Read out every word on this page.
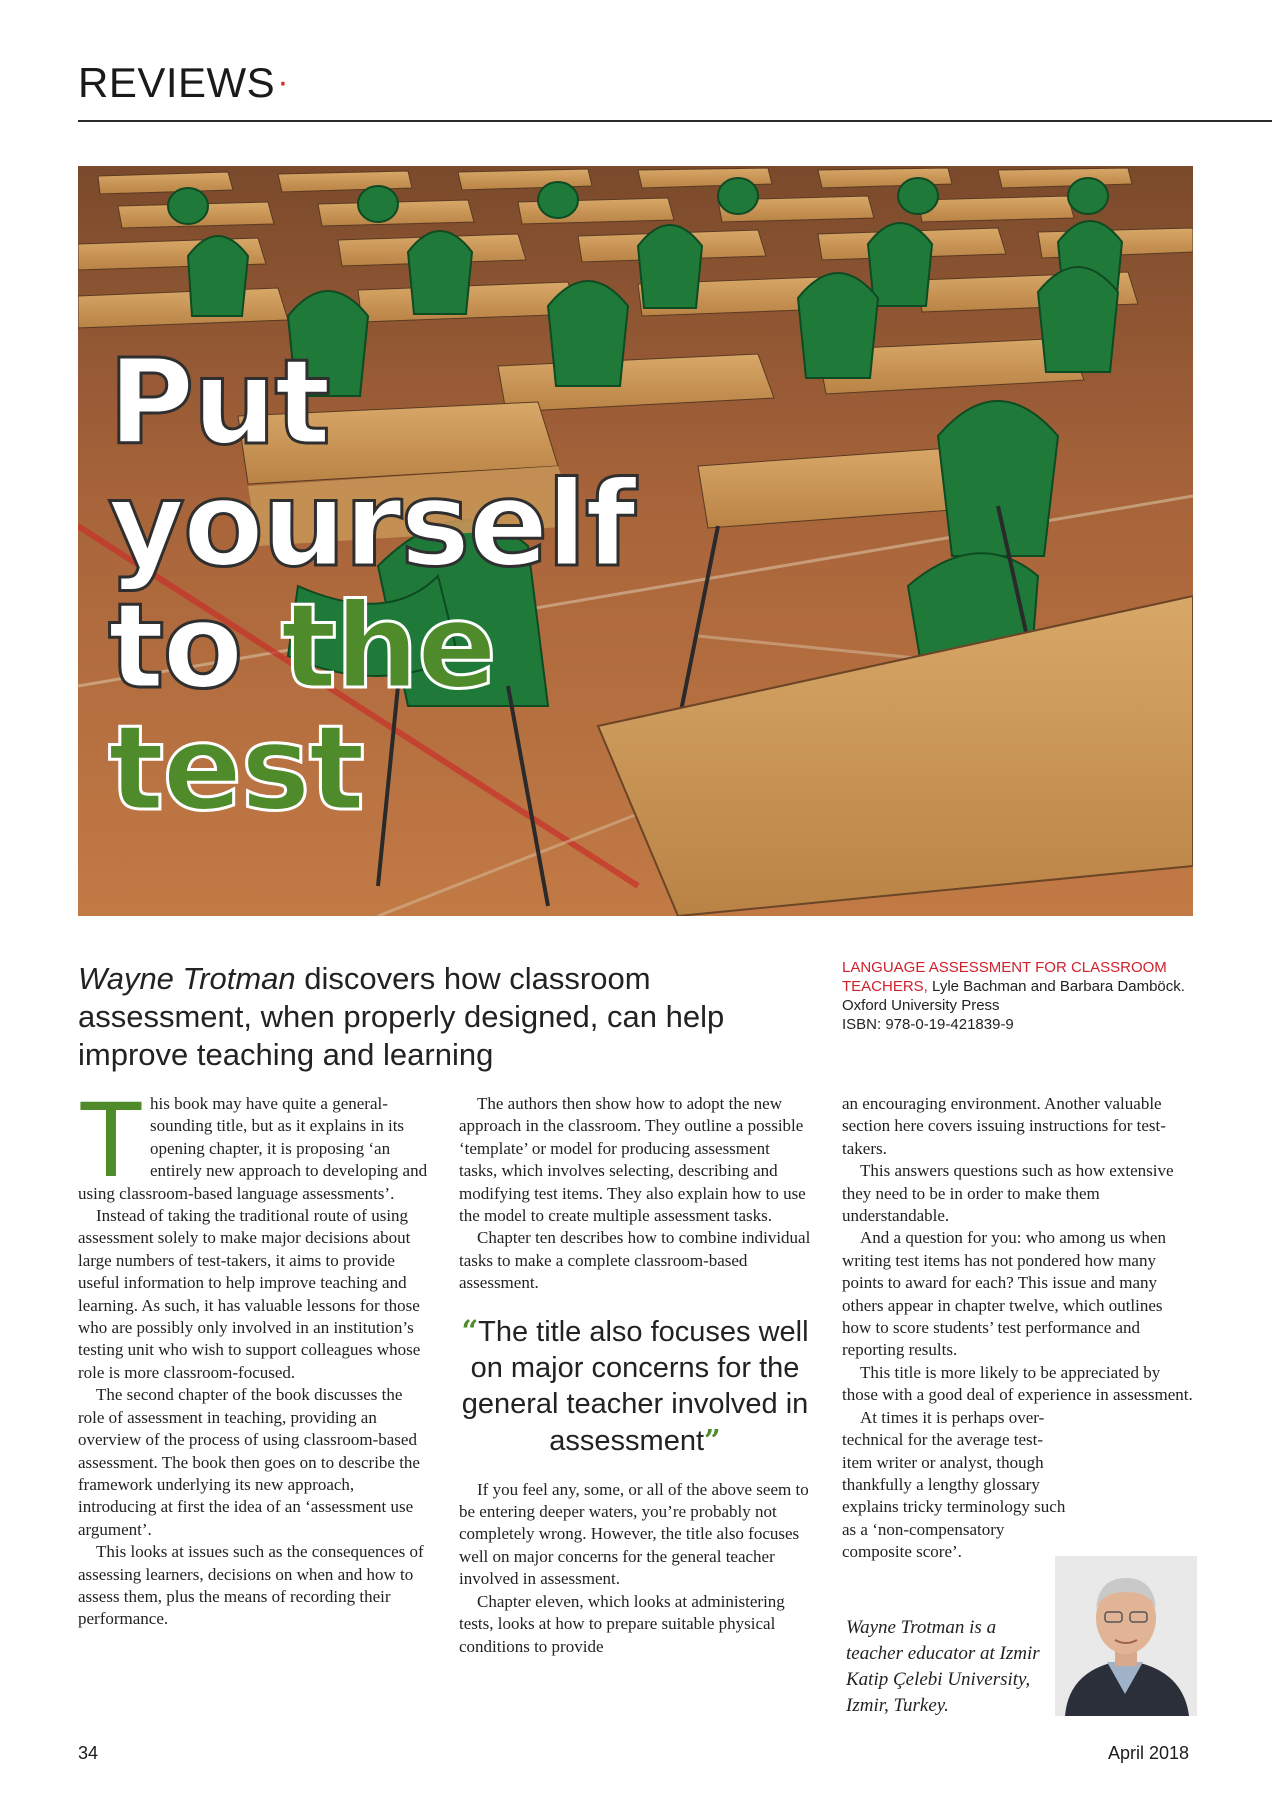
REVIEWS·
Put
yourself
to the
test
Wayne Trotman discovers how classroom assessment, when properly designed, can help improve teaching and learning
LANGUAGE ASSESSMENT FOR CLASSROOM TEACHERS, Lyle Bachman and Barbara Damböck. Oxford University Press
ISBN: 978-0-19-421839-9

This book may have quite a general-sounding title, but as it explains in its opening chapter, it is proposing ‘an entirely new approach to developing and using classroom-based language assessments’.

Instead of taking the traditional route of using assessment solely to make major decisions about large numbers of test-takers, it aims to provide useful information to help improve teaching and learning. As such, it has valuable lessons for those who are possibly only involved in an institution’s testing unit who wish to support colleagues whose role is more classroom-focused.

The second chapter of the book discusses the role of assessment in teaching, providing an overview of the process of using classroom-based assessment. The book then goes on to describe the framework underlying its new approach, introducing at first the idea of an ‘assessment use argument’.

This looks at issues such as the consequences of assessing learners, decisions on when and how to assess them, plus the means of recording their performance.

The authors then show how to adopt the new approach in the classroom. They outline a possible ‘template’ or model for producing assessment tasks, which involves selecting, describing and modifying test items. They also explain how to use the model to create multiple assessment tasks.

Chapter ten describes how to combine individual tasks to make a complete classroom-based assessment.

“The title also focuses well on major concerns for the general teacher involved in assessment”

If you feel any, some, or all of the above seem to be entering deeper waters, you’re probably not completely wrong. However, the title also focuses well on major concerns for the general teacher involved in assessment.

Chapter eleven, which looks at administering tests, looks at how to prepare suitable physical conditions to provide

an encouraging environment. Another valuable section here covers issuing instructions for test-takers.

This answers questions such as how extensive they need to be in order to make them understandable.

And a question for you: who among us when writing test items has not pondered how many points to award for each? This issue and many others appear in chapter twelve, which outlines how to score students’ test performance and reporting results.

This title is more likely to be appreciated by those with a good deal of experience in assessment.

At times it is perhaps over-technical for the average test-item writer or analyst, though thankfully a lengthy glossary explains tricky terminology such as a ‘non-compensatory composite score’.

Wayne Trotman is a teacher educator at Izmir Katip Çelebi University, Izmir, Turkey.
34	April 2018
